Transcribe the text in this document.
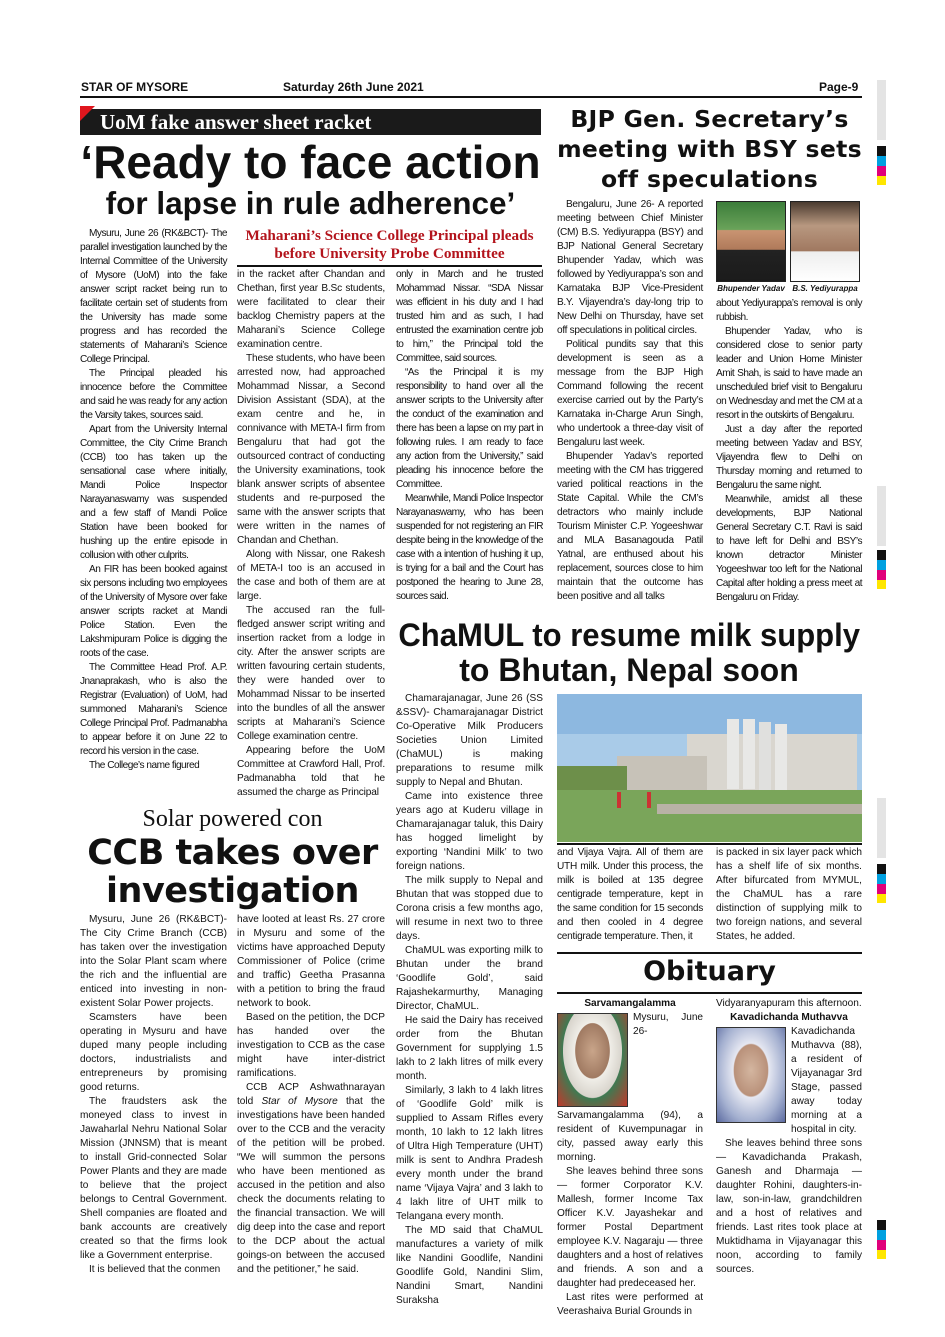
STAR OF MYSORE	Saturday 26th June 2021	Page-9
UoM fake answer sheet racket
‘Ready to face action
for lapse in rule adherence’

Mysuru, June 26 (RK&BCT)- The parallel investigation launched by the Internal Committee of the University of Mysore (UoM) into the fake answer script racket being run to facilitate certain set of students from the University has made some progress and has recorded the statements of Maharani’s Science College Principal.

The Principal pleaded his innocence before the Committee and said he was ready for any action the Varsity takes, sources said.

Apart from the University Internal Committee, the City Crime Branch (CCB) too has taken up the sensational case where initially, Mandi Police Inspector Narayanaswamy was suspended and a few staff of Mandi Police Station have been booked for hushing up the entire episode in collusion with other culprits.

An FIR has been booked against six persons including two employees of the University of Mysore over fake answer scripts racket at Mandi Police Station. Even the Lakshmipuram Police is digging the roots of the case.

The Committee Head Prof. A.P. Jnanaprakash, who is also the Registrar (Evaluation) of UoM, had summoned Maharani’s Science College Principal Prof. Padmanabha to appear before it on June 22 to record his version in the case.

The College’s name figured

Maharani’s Science College Principal pleads before University Probe Committee

in the racket after Chandan and Chethan, first year B.Sc students, were facilitated to clear their backlog Chemistry papers at the Maharani’s Science College examination centre.

These students, who have been arrested now, had approached Mohammad Nissar, a Second Division Assistant (SDA), at the exam centre and he, in connivance with META-I firm from Bengaluru that had got the outsourced contract of conducting the University examinations, took blank answer scripts of absentee students and re-purposed the same with the answer scripts that were written in the names of Chandan and Chethan.

Along with Nissar, one Rakesh of META-I too is an accused in the case and both of them are at large.

The accused ran the full-fledged answer script writing and insertion racket from a lodge in city. After the answer scripts are written favouring certain students, they were handed over to Mohammad Nissar to be inserted into the bundles of all the answer scripts at Maharani’s Science College examination centre.

Appearing before the UoM Committee at Crawford Hall, Prof. Padmanabha told that he assumed the charge as Principal

only in March and he trusted Mohammad Nissar. “SDA Nissar was efficient in his duty and I had trusted him and as such, I had entrusted the examination centre job to him,” the Principal told the Committee, said sources.

“As the Principal it is my responsibility to hand over all the answer scripts to the University after the conduct of the examination and there has been a lapse on my part in following rules. I am ready to face any action from the University,” said pleading his innocence before the Committee.

Meanwhile, Mandi Police Inspector Narayanaswamy, who has been suspended for not registering an FIR despite being in the knowledge of the case with a intention of hushing it up, is trying for a bail and the Court has postponed the hearing to June 28, sources said.

BJP Gen. Secretary’s meeting with BSY sets off speculations

Bengaluru, June 26- A reported meeting between Chief Minister (CM) B.S. Yediyurappa (BSY) and BJP National General Secretary Bhupender Yadav, which was followed by Yediyurappa’s son and Karnataka BJP Vice-President B.Y. Vijayendra’s day-long trip to New Delhi on Thursday, have set off speculations in political circles.

Political pundits say that this development is seen as a message from the BJP High Command following the recent exercise carried out by the Party’s Karnataka in-Charge Arun Singh, who undertook a three-day visit of Bengaluru last week.

Bhupender Yadav’s reported meeting with the CM has triggered varied political reactions in the State Capital. While the CM’s detractors who mainly include Tourism Minister C.P. Yogeeshwar and MLA Basanagouda Patil Yatnal, are enthused about his replacement, sources close to him maintain that the outcome has been positive and all talks

Bhupender Yadav B.S. Yediyurappa

about Yediyurappa’s removal is only rubbish.

Bhupender Yadav, who is considered close to senior party leader and Union Home Minister Amit Shah, is said to have made an unscheduled brief visit to Bengaluru on Wednesday and met the CM at a resort in the outskirts of Bengaluru.

Just a day after the reported meeting between Yadav and BSY, Vijayendra flew to Delhi on Thursday morning and returned to Bengaluru the same night.

Meanwhile, amidst all these developments, BJP National General Secretary C.T. Ravi is said to have left for Delhi and BSY’s known detractor Minister Yogeeshwar too left for the National Capital after holding a press meet at Bengaluru on Friday.

ChaMUL to resume milk supply
to Bhutan, Nepal soon

Chamarajanagar, June 26 (SS &SSV)- Chamarajanagar District Co-Operative Milk Producers Societies Union Limited (ChaMUL) is making preparations to resume milk supply to Nepal and Bhutan.

Came into existence three years ago at Kuderu village in Chamarajanagar taluk, this Dairy has hogged limelight by exporting ‘Nandini Milk’ to two foreign nations.

The milk supply to Nepal and Bhutan that was stopped due to Corona crisis a few months ago, will resume in next two to three days.

ChaMUL was exporting milk to Bhutan under the brand ‘Goodlife Gold’, said Rajashekarmurthy, Managing Director, ChaMUL.

He said the Dairy has received order from the Bhutan Government for supplying 1.5 lakh to 2 lakh litres of milk every month.

Similarly, 3 lakh to 4 lakh litres of ‘Goodlife Gold’ milk is supplied to Assam Rifles every month, 10 lakh to 12 lakh litres of Ultra High Temperature (UHT) milk is sent to Andhra Pradesh every month under the brand name ‘Vijaya Vajra’ and 3 lakh to 4 lakh litre of UHT milk to Telangana every month.

The MD said that ChaMUL manufactures a variety of milk like Nandini Goodlife, Nandini Goodlife Gold, Nandini Slim, Nandini Smart, Nandini Suraksha

and Vijaya Vajra. All of them are UTH milk. Under this process, the milk is boiled at 135 degree centigrade temperature, kept in the same condition for 15 seconds and then cooled in 4 degree centigrade temperature. Then, it

is packed in six layer pack which has a shelf life of six months. After bifurcated from MYMUL, the ChaMUL has a rare distinction of supplying milk to two foreign nations, and several States, he added.

Solar powered con
CCB takes over investigation

Mysuru, June 26 (RK&BCT)- The City Crime Branch (CCB) has taken over the investigation into the Solar Plant scam where the rich and the influential are enticed into investing in non-existent Solar Power projects.

Scamsters have been operating in Mysuru and have duped many people including doctors, industrialists and entrepreneurs by promising good returns.

The fraudsters ask the moneyed class to invest in Jawaharlal Nehru National Solar Mission (JNNSM) that is meant to install Grid-connected Solar Power Plants and they are made to believe that the project belongs to Central Government. Shell companies are floated and bank accounts are creatively created so that the firms look like a Government enterprise.

It is believed that the conmen

have looted at least Rs. 27 crore in Mysuru and some of the victims have approached Deputy Commissioner of Police (crime and traffic) Geetha Prasanna with a petition to bring the fraud network to book.

Based on the petition, the DCP has handed over the investigation to CCB as the case might have inter-district ramifications.

CCB ACP Ashwathnarayan told Star of Mysore that the investigations have been handed over to the CCB and the veracity of the petition will be probed. “We will summon the persons who have been mentioned as accused in the petition and also check the documents relating to the financial transaction. We will dig deep into the case and report to the DCP about the actual goings-on between the accused and the petitioner,” he said.

Obituary

Sarvamangalamma

Mysuru, June 26- Sarvamangalamma (94), a resident of Kuvempunagar in city, passed away early this morning.

She leaves behind three sons — former Corporator K.V. Mallesh, former Income Tax Officer K.V. Jayashekar and former Postal Department employee K.V. Nagaraju — three daughters and a host of relatives and friends. A son and a daughter had predeceased her.

Last rites were performed at Veerashaiva Burial Grounds in

Vidyaranyapuram this afternoon.

Kavadichanda Muthavva

Kavadichanda Muthavva (88), a resident of Vijayanagar 3rd Stage, passed away today morning at a hospital in city.

She leaves behind three sons — Kavadichanda Prakash, Ganesh and Dharmaja — daughter Rohini, daughters-in-law, son-in-law, grandchildren and a host of relatives and friends. Last rites took place at Muktidhama in Vijayanagar this noon, according to family sources.
